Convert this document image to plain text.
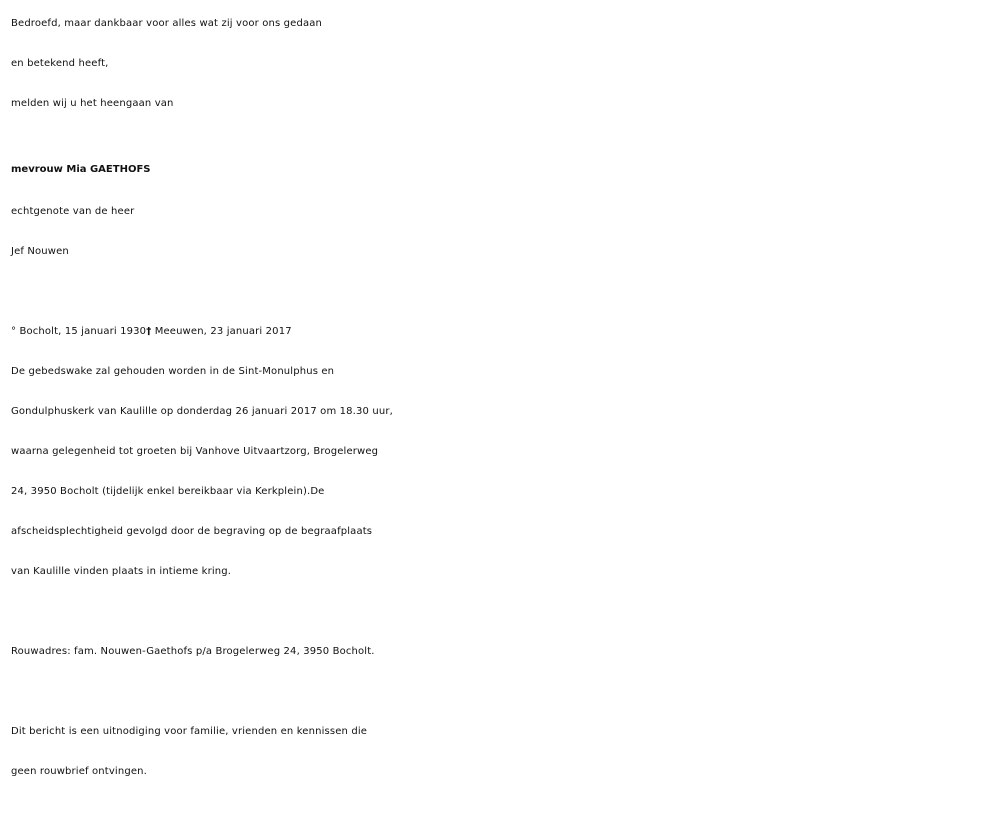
Bedroefd, maar dankbaar voor alles wat zij voor ons gedaan
en betekend heeft,
melden wij u het heengaan van
mevrouw Mia GAETHOFS
echtgenote van de heer
Jef Nouwen
° Bocholt, 15 januari 1930† Meeuwen, 23 januari 2017
De gebedswake zal gehouden worden in de Sint-Monulphus en
Gondulphuskerk van Kaulille op donderdag 26 januari 2017 om 18.30 uur,
waarna gelegenheid tot groeten bij Vanhove Uitvaartzorg, Brogelerweg
24, 3950 Bocholt (tijdelijk enkel bereikbaar via Kerkplein).De
afscheidsplechtigheid gevolgd door de begraving op de begraafplaats
van Kaulille vinden plaats in intieme kring.
Rouwadres: fam. Nouwen-Gaethofs p/a Brogelerweg 24, 3950 Bocholt.
Dit bericht is een uitnodiging voor familie, vrienden en kennissen die
geen rouwbrief ontvingen.
